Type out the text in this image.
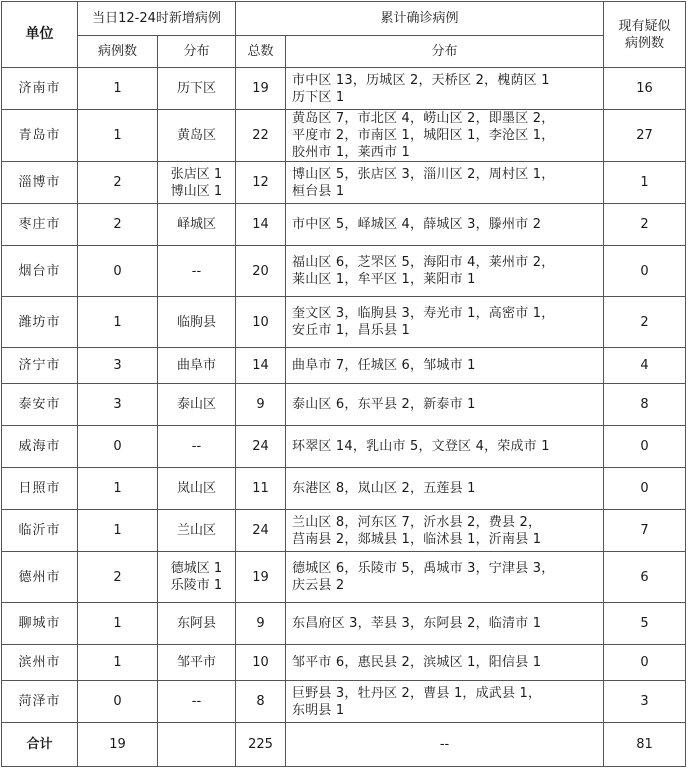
单位	当日12-24时新增病例		累计确诊病例		现有疑似
病例数

	病例数	分布	总数	分布	
济南市	1	历下区	19	市中区 13，历城区 2，天桥区 2，槐荫区 1
历下区 1	16
青岛市	1	黄岛区	22	黄岛区 7，市北区 4，崂山区 2，即墨区 2，
平度市 2，市南区 1，城阳区 1，李沧区 1，
胶州市 1，莱西市 1	27
淄博市	2	张店区 1
博山区 1	12	博山区 5，张店区 3，淄川区 2，周村区 1，
桓台县 1	1
枣庄市	2	峄城区	14	市中区 5，峄城区 4，薛城区 3，滕州市 2	2
烟台市	0	--	20	福山区 6，芝罘区 5，海阳市 4，莱州市 2，
莱山区 1，牟平区 1，莱阳市 1	0
潍坊市	1	临朐县	10	奎文区 3，临朐县 3，寿光市 1，高密市 1，
安丘市 1，昌乐县 1	2
济宁市	3	曲阜市	14	曲阜市 7，任城区 6，邹城市 1	4
泰安市	3	泰山区	9	泰山区 6，东平县 2，新泰市 1	8
威海市	0	--	24	环翠区 14，乳山市 5，文登区 4，荣成市 1	0
日照市	1	岚山区	11	东港区 8，岚山区 2，五莲县 1	0
临沂市	1	兰山区	24	兰山区 8，河东区 7，沂水县 2，费县 2，
莒南县 2，郯城县 1，临沭县 1，沂南县 1	7
德州市	2	德城区 1
乐陵市 1	19	德城区 6，乐陵市 5，禹城市 3，宁津县 3，
庆云县 2	6
聊城市	1	东阿县	9	东昌府区 3，莘县 3，东阿县 2，临清市 1	5
滨州市	1	邹平市	10	邹平市 6，惠民县 2，滨城区 1，阳信县 1	0
菏泽市	0	--	8	巨野县 3，牡丹区 2，曹县 1，成武县 1，
东明县 1	3
合计	19		225	--	81
